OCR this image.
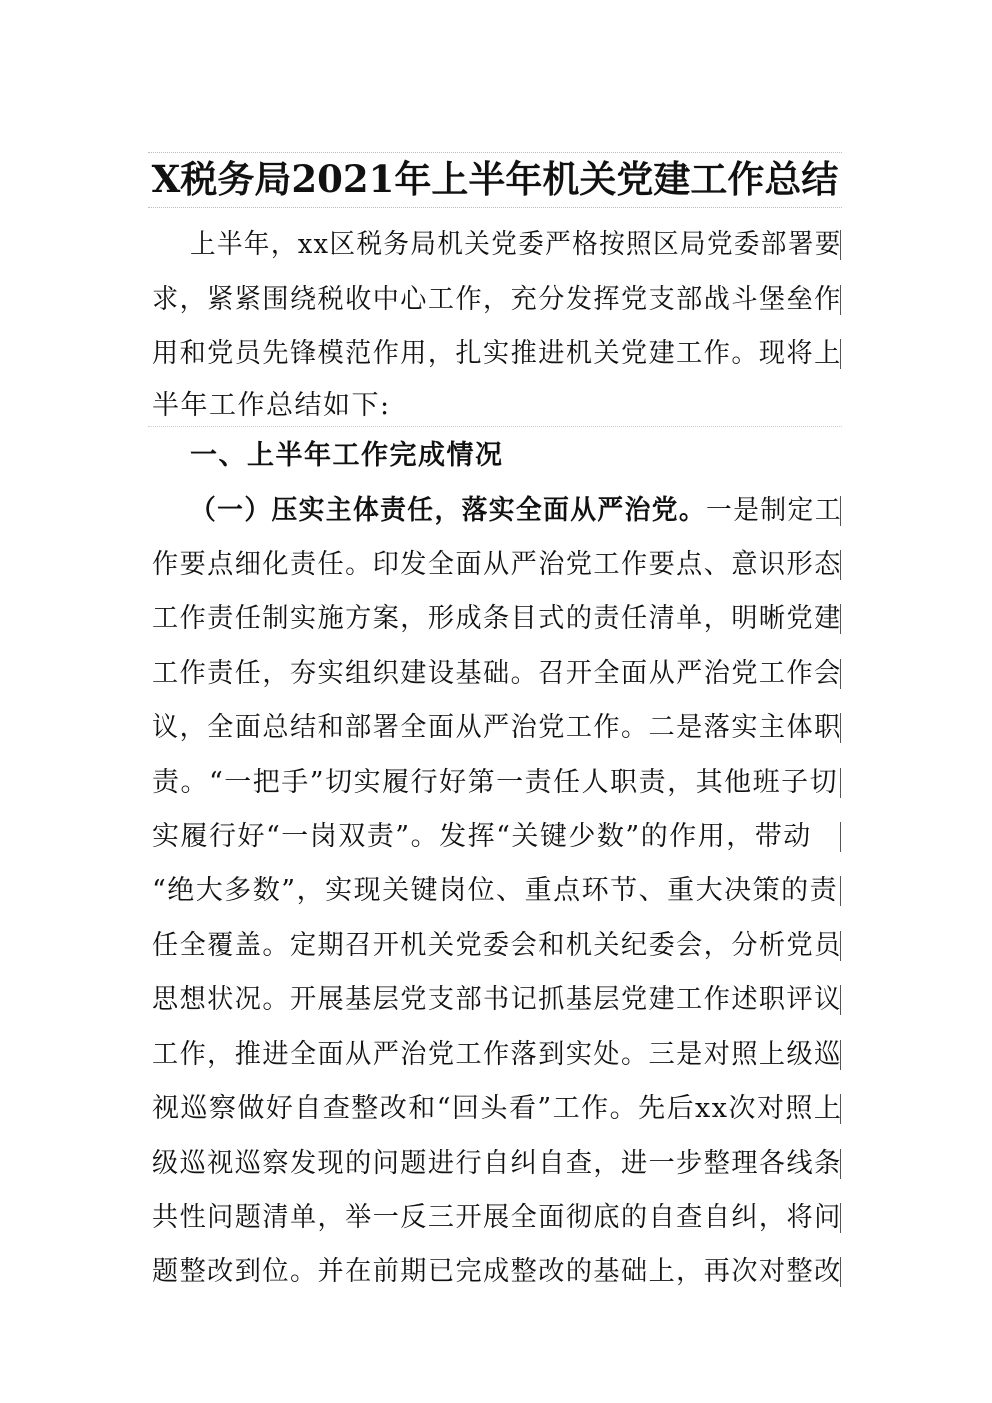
X税务局2021年上半年机关党建工作总结
上半年，xx区税务局机关党委严格按照区局党委部署要
求，紧紧围绕税收中心工作，充分发挥党支部战斗堡垒作
用和党员先锋模范作用，扎实推进机关党建工作。现将上
半年工作总结如下:
一、上半年工作完成情况
（一）压实主体责任，落实全面从严治党。一是制定工
作要点细化责任。印发全面从严治党工作要点、意识形态
工作责任制实施方案，形成条目式的责任清单，明晰党建
工作责任，夯实组织建设基础。召开全面从严治党工作会
议，全面总结和部署全面从严治党工作。二是落实主体职
责。“一把手”切实履行好第一责任人职责，其他班子切
实履行好“一岗双责”。发挥“关键少数”的作用，带动
“绝大多数”，实现关键岗位、重点环节、重大决策的责
任全覆盖。定期召开机关党委会和机关纪委会，分析党员
思想状况。开展基层党支部书记抓基层党建工作述职评议
工作，推进全面从严治党工作落到实处。三是对照上级巡
视巡察做好自查整改和“回头看”工作。先后xx次对照上
级巡视巡察发现的问题进行自纠自查，进一步整理各线条
共性问题清单，举一反三开展全面彻底的自查自纠，将问
题整改到位。并在前期已完成整改的基础上，再次对整改
